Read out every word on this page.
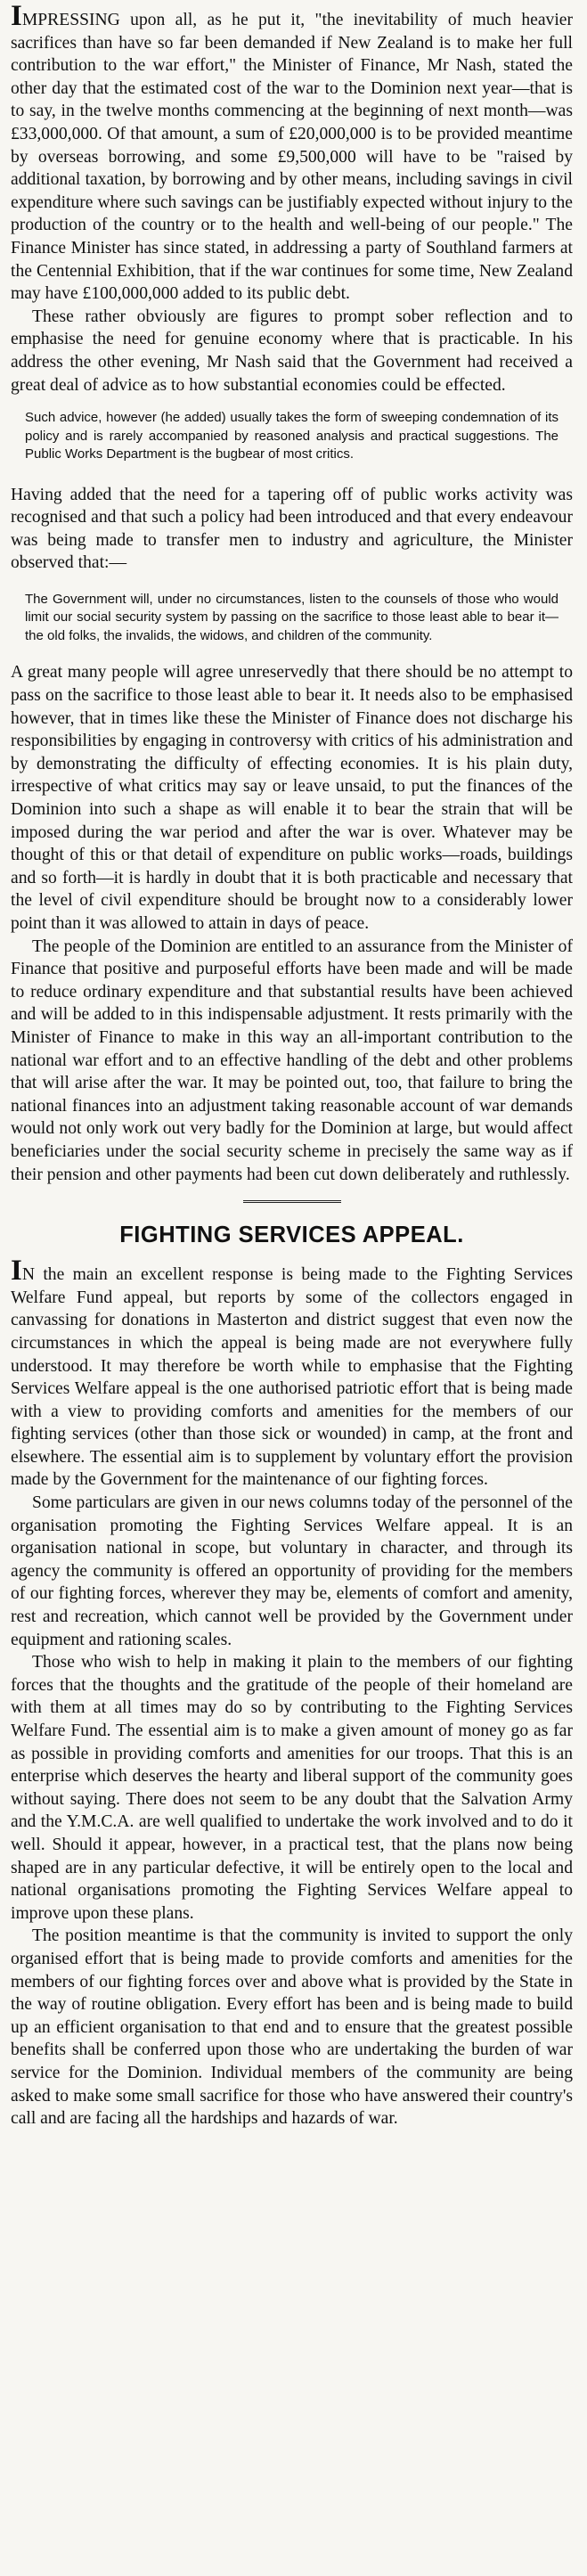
IMPRESSING upon all, as he put it, "the inevitability of much heavier sacrifices than have so far been demanded if New Zealand is to make her full contribution to the war effort," the Minister of Finance, Mr Nash, stated the other day that the estimated cost of the war to the Dominion next year—that is to say, in the twelve months commencing at the beginning of next month—was £33,000,000. Of that amount, a sum of £20,000,000 is to be provided meantime by overseas borrowing, and some £9,500,000 will have to be "raised by additional taxation, by borrowing and by other means, including savings in civil expenditure where such savings can be justifiably expected without injury to the production of the country or to the health and well-being of our people." The Finance Minister has since stated, in addressing a party of Southland farmers at the Centennial Exhibition, that if the war continues for some time, New Zealand may have £100,000,000 added to its public debt.

These rather obviously are figures to prompt sober reflection and to emphasise the need for genuine economy where that is practicable. In his address the other evening, Mr Nash said that the Government had received a great deal of advice as to how substantial economies could be effected.

Such advice, however (he added) usually takes the form of sweeping condemnation of its policy and is rarely accompanied by reasoned analysis and practical suggestions. The Public Works Department is the bugbear of most critics.

Having added that the need for a tapering off of public works activity was recognised and that such a policy had been introduced and that every endeavour was being made to transfer men to industry and agriculture, the Minister observed that:—

The Government will, under no circumstances, listen to the counsels of those who would limit our social security system by passing on the sacrifice to those least able to bear it—the old folks, the invalids, the widows, and children of the community.

A great many people will agree unreservedly that there should be no attempt to pass on the sacrifice to those least able to bear it. It needs also to be emphasised however, that in times like these the Minister of Finance does not discharge his responsibilities by engaging in controversy with critics of his administration and by demonstrating the difficulty of effecting economies. It is his plain duty, irrespective of what critics may say or leave unsaid, to put the finances of the Dominion into such a shape as will enable it to bear the strain that will be imposed during the war period and after the war is over. Whatever may be thought of this or that detail of expenditure on public works—roads, buildings and so forth—it is hardly in doubt that it is both practicable and necessary that the level of civil expenditure should be brought now to a considerably lower point than it was allowed to attain in days of peace.

The people of the Dominion are entitled to an assurance from the Minister of Finance that positive and purposeful efforts have been made and will be made to reduce ordinary expenditure and that substantial results have been achieved and will be added to in this indispensable adjustment. It rests primarily with the Minister of Finance to make in this way an all-important contribution to the national war effort and to an effective handling of the debt and other problems that will arise after the war. It may be pointed out, too, that failure to bring the national finances into an adjustment taking reasonable account of war demands would not only work out very badly for the Dominion at large, but would affect beneficiaries under the social security scheme in precisely the same way as if their pension and other payments had been cut down deliberately and ruthlessly.

FIGHTING SERVICES APPEAL.

IN the main an excellent response is being made to the Fighting Services Welfare Fund appeal, but reports by some of the collectors engaged in canvassing for donations in Masterton and district suggest that even now the circumstances in which the appeal is being made are not everywhere fully understood. It may therefore be worth while to emphasise that the Fighting Services Welfare appeal is the one authorised patriotic effort that is being made with a view to providing comforts and amenities for the members of our fighting services (other than those sick or wounded) in camp, at the front and elsewhere. The essential aim is to supplement by voluntary effort the provision made by the Government for the maintenance of our fighting forces.

Some particulars are given in our news columns today of the personnel of the organisation promoting the Fighting Services Welfare appeal. It is an organisation national in scope, but voluntary in character, and through its agency the community is offered an opportunity of providing for the members of our fighting forces, wherever they may be, elements of comfort and amenity, rest and recreation, which cannot well be provided by the Government under equipment and rationing scales.

Those who wish to help in making it plain to the members of our fighting forces that the thoughts and the gratitude of the people of their homeland are with them at all times may do so by contributing to the Fighting Services Welfare Fund. The essential aim is to make a given amount of money go as far as possible in providing comforts and amenities for our troops. That this is an enterprise which deserves the hearty and liberal support of the community goes without saying. There does not seem to be any doubt that the Salvation Army and the Y.M.C.A. are well qualified to undertake the work involved and to do it well. Should it appear, however, in a practical test, that the plans now being shaped are in any particular defective, it will be entirely open to the local and national organisations promoting the Fighting Services Welfare appeal to improve upon these plans.

The position meantime is that the community is invited to support the only organised effort that is being made to provide comforts and amenities for the members of our fighting forces over and above what is provided by the State in the way of routine obligation. Every effort has been and is being made to build up an efficient organisation to that end and to ensure that the greatest possible benefits shall be conferred upon those who are undertaking the burden of war service for the Dominion. Individual members of the community are being asked to make some small sacrifice for those who have answered their country's call and are facing all the hardships and hazards of war.
